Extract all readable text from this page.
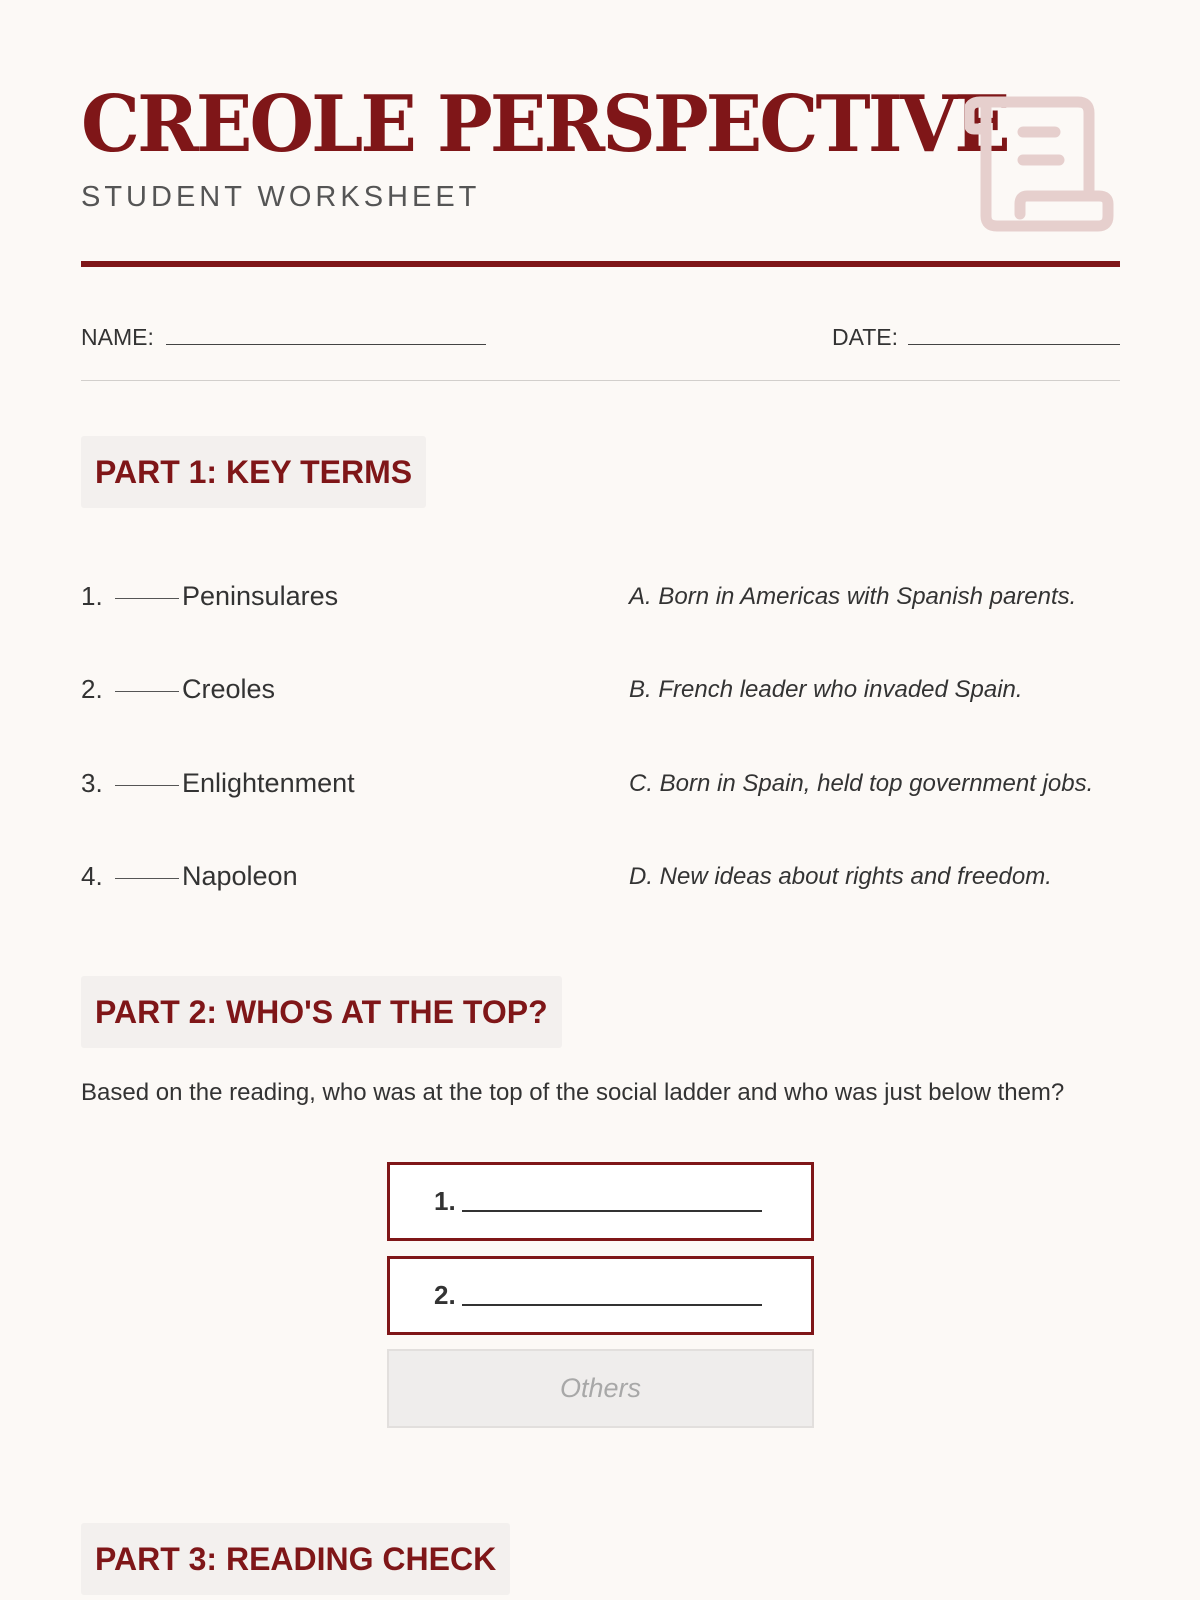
CREOLE PERSPECTIVE
STUDENT WORKSHEET
NAME:	DATE:
PART 1: KEY TERMS
1.	Peninsulares	A. Born in Americas with Spanish parents.
2.	Creoles	B. French leader who invaded Spain.
3.	Enlightenment	C. Born in Spain, held top government jobs.
4.	Napoleon	D. New ideas about rights and freedom.
PART 2: WHO'S AT THE TOP?
Based on the reading, who was at the top of the social ladder and who was just below them?
1.
2.
Others
PART 3: READING CHECK
